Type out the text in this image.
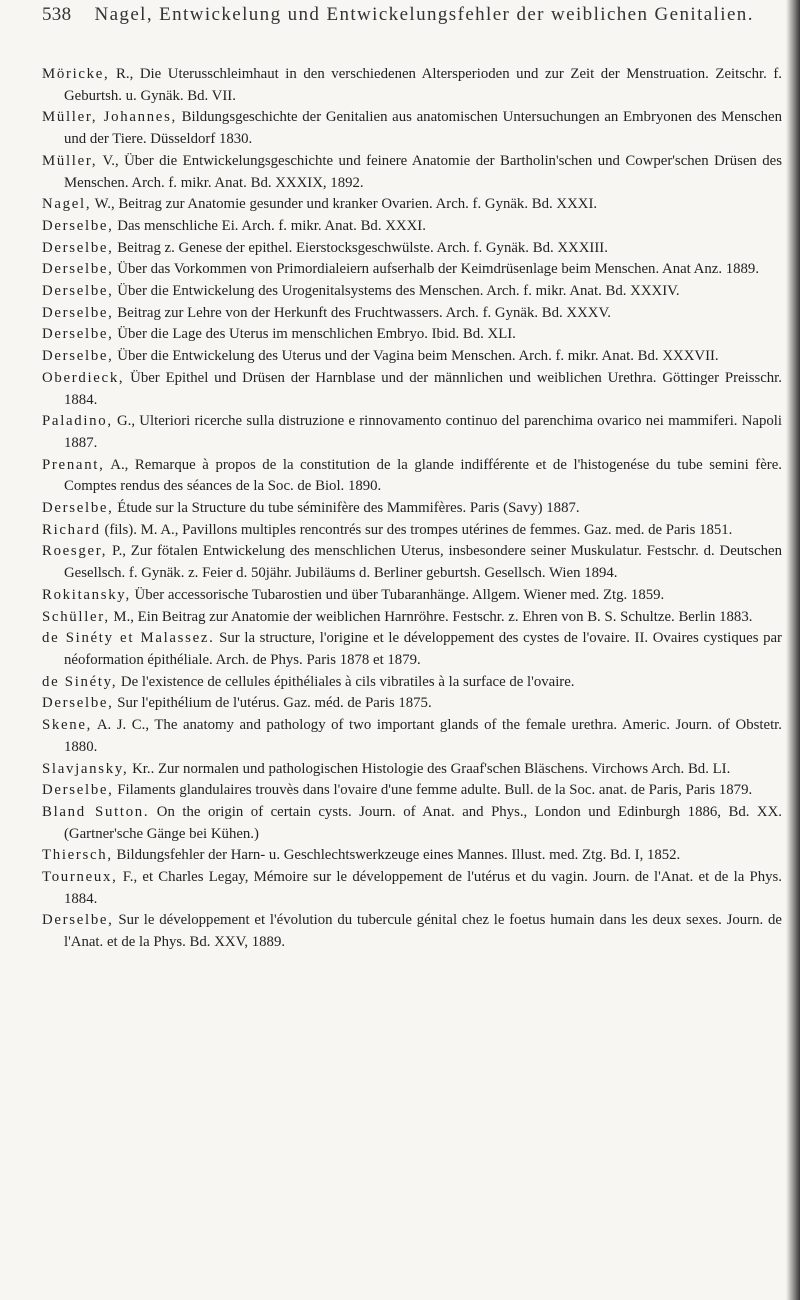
538 Nagel, Entwickelung und Entwickelungsfehler der weiblichen Genitalien.

Möricke, R., Die Uterusschleimhaut in den verschiedenen Altersperioden und zur Zeit der Menstruation. Zeitschr. f. Geburtsh. u. Gynäk. Bd. VII.

Müller, Johannes, Bildungsgeschichte der Genitalien aus anatomischen Untersuchungen an Embryonen des Menschen und der Tiere. Düsseldorf 1830.

Müller, V., Über die Entwickelungsgeschichte und feinere Anatomie der Bartholin'schen und Cowper'schen Drüsen des Menschen. Arch. f. mikr. Anat. Bd. XXXIX, 1892.

Nagel, W., Beitrag zur Anatomie gesunder und kranker Ovarien. Arch. f. Gynäk. Bd. XXXI.

Derselbe, Das menschliche Ei. Arch. f. mikr. Anat. Bd. XXXI.

Derselbe, Beitrag z. Genese der epithel. Eierstocksgeschwülste. Arch. f. Gynäk. Bd. XXXIII.

Derselbe, Über das Vorkommen von Primordialeiern aufserhalb der Keimdrüsenlage beim Menschen. Anat Anz. 1889.

Derselbe, Über die Entwickelung des Urogenitalsystems des Menschen. Arch. f. mikr. Anat. Bd. XXXIV.

Derselbe, Beitrag zur Lehre von der Herkunft des Fruchtwassers. Arch. f. Gynäk. Bd. XXXV.

Derselbe, Über die Lage des Uterus im menschlichen Embryo. Ibid. Bd. XLI.

Derselbe, Über die Entwickelung des Uterus und der Vagina beim Menschen. Arch. f. mikr. Anat. Bd. XXXVII.

Oberdieck, Über Epithel und Drüsen der Harnblase und der männlichen und weiblichen Urethra. Göttinger Preisschr. 1884.

Paladino, G., Ulteriori ricerche sulla distruzione e rinnovamento continuo del parenchima ovarico nei mammiferi. Napoli 1887.

Prenant, A., Remarque à propos de la constitution de la glande indifférente et de l'histogenése du tube semini fère. Comptes rendus des séances de la Soc. de Biol. 1890.

Derselbe, Étude sur la Structure du tube séminifère des Mammifères. Paris (Savy) 1887.

Richard (fils). M. A., Pavillons multiples rencontrés sur des trompes utérines de femmes. Gaz. med. de Paris 1851.

Roesger, P., Zur fötalen Entwickelung des menschlichen Uterus, insbesondere seiner Muskulatur. Festschr. d. Deutschen Gesellsch. f. Gynäk. z. Feier d. 50jähr. Jubiläums d. Berliner geburtsh. Gesellsch. Wien 1894.

Rokitansky, Über accessorische Tubarostien und über Tubaranhänge. Allgem. Wiener med. Ztg. 1859.

Schüller, M., Ein Beitrag zur Anatomie der weiblichen Harnröhre. Festschr. z. Ehren von B. S. Schultze. Berlin 1883.

de Sinéty et Malassez. Sur la structure, l'origine et le développement des cystes de l'ovaire. II. Ovaires cystiques par néoformation épithéliale. Arch. de Phys. Paris 1878 et 1879.

de Sinéty, De l'existence de cellules épithéliales à cils vibratiles à la surface de l'ovaire.

Derselbe, Sur l'epithélium de l'utérus. Gaz. méd. de Paris 1875.

Skene, A. J. C., The anatomy and pathology of two important glands of the female urethra. Americ. Journ. of Obstetr. 1880.

Slavjansky, Kr.. Zur normalen und pathologischen Histologie des Graaf'schen Bläschens. Virchows Arch. Bd. LI.

Derselbe, Filaments glandulaires trouvès dans l'ovaire d'une femme adulte. Bull. de la Soc. anat. de Paris, Paris 1879.

Bland Sutton. On the origin of certain cysts. Journ. of Anat. and Phys., London und Edinburgh 1886, Bd. XX. (Gartner'sche Gänge bei Kühen.)

Thiersch, Bildungsfehler der Harn- u. Geschlechtswerkzeuge eines Mannes. Illust. med. Ztg. Bd. I, 1852.

Tourneux, F., et Charles Legay, Mémoire sur le développement de l'utérus et du vagin. Journ. de l'Anat. et de la Phys. 1884.

Derselbe, Sur le développement et l'évolution du tubercule génital chez le foetus humain dans les deux sexes. Journ. de l'Anat. et de la Phys. Bd. XXV, 1889.
